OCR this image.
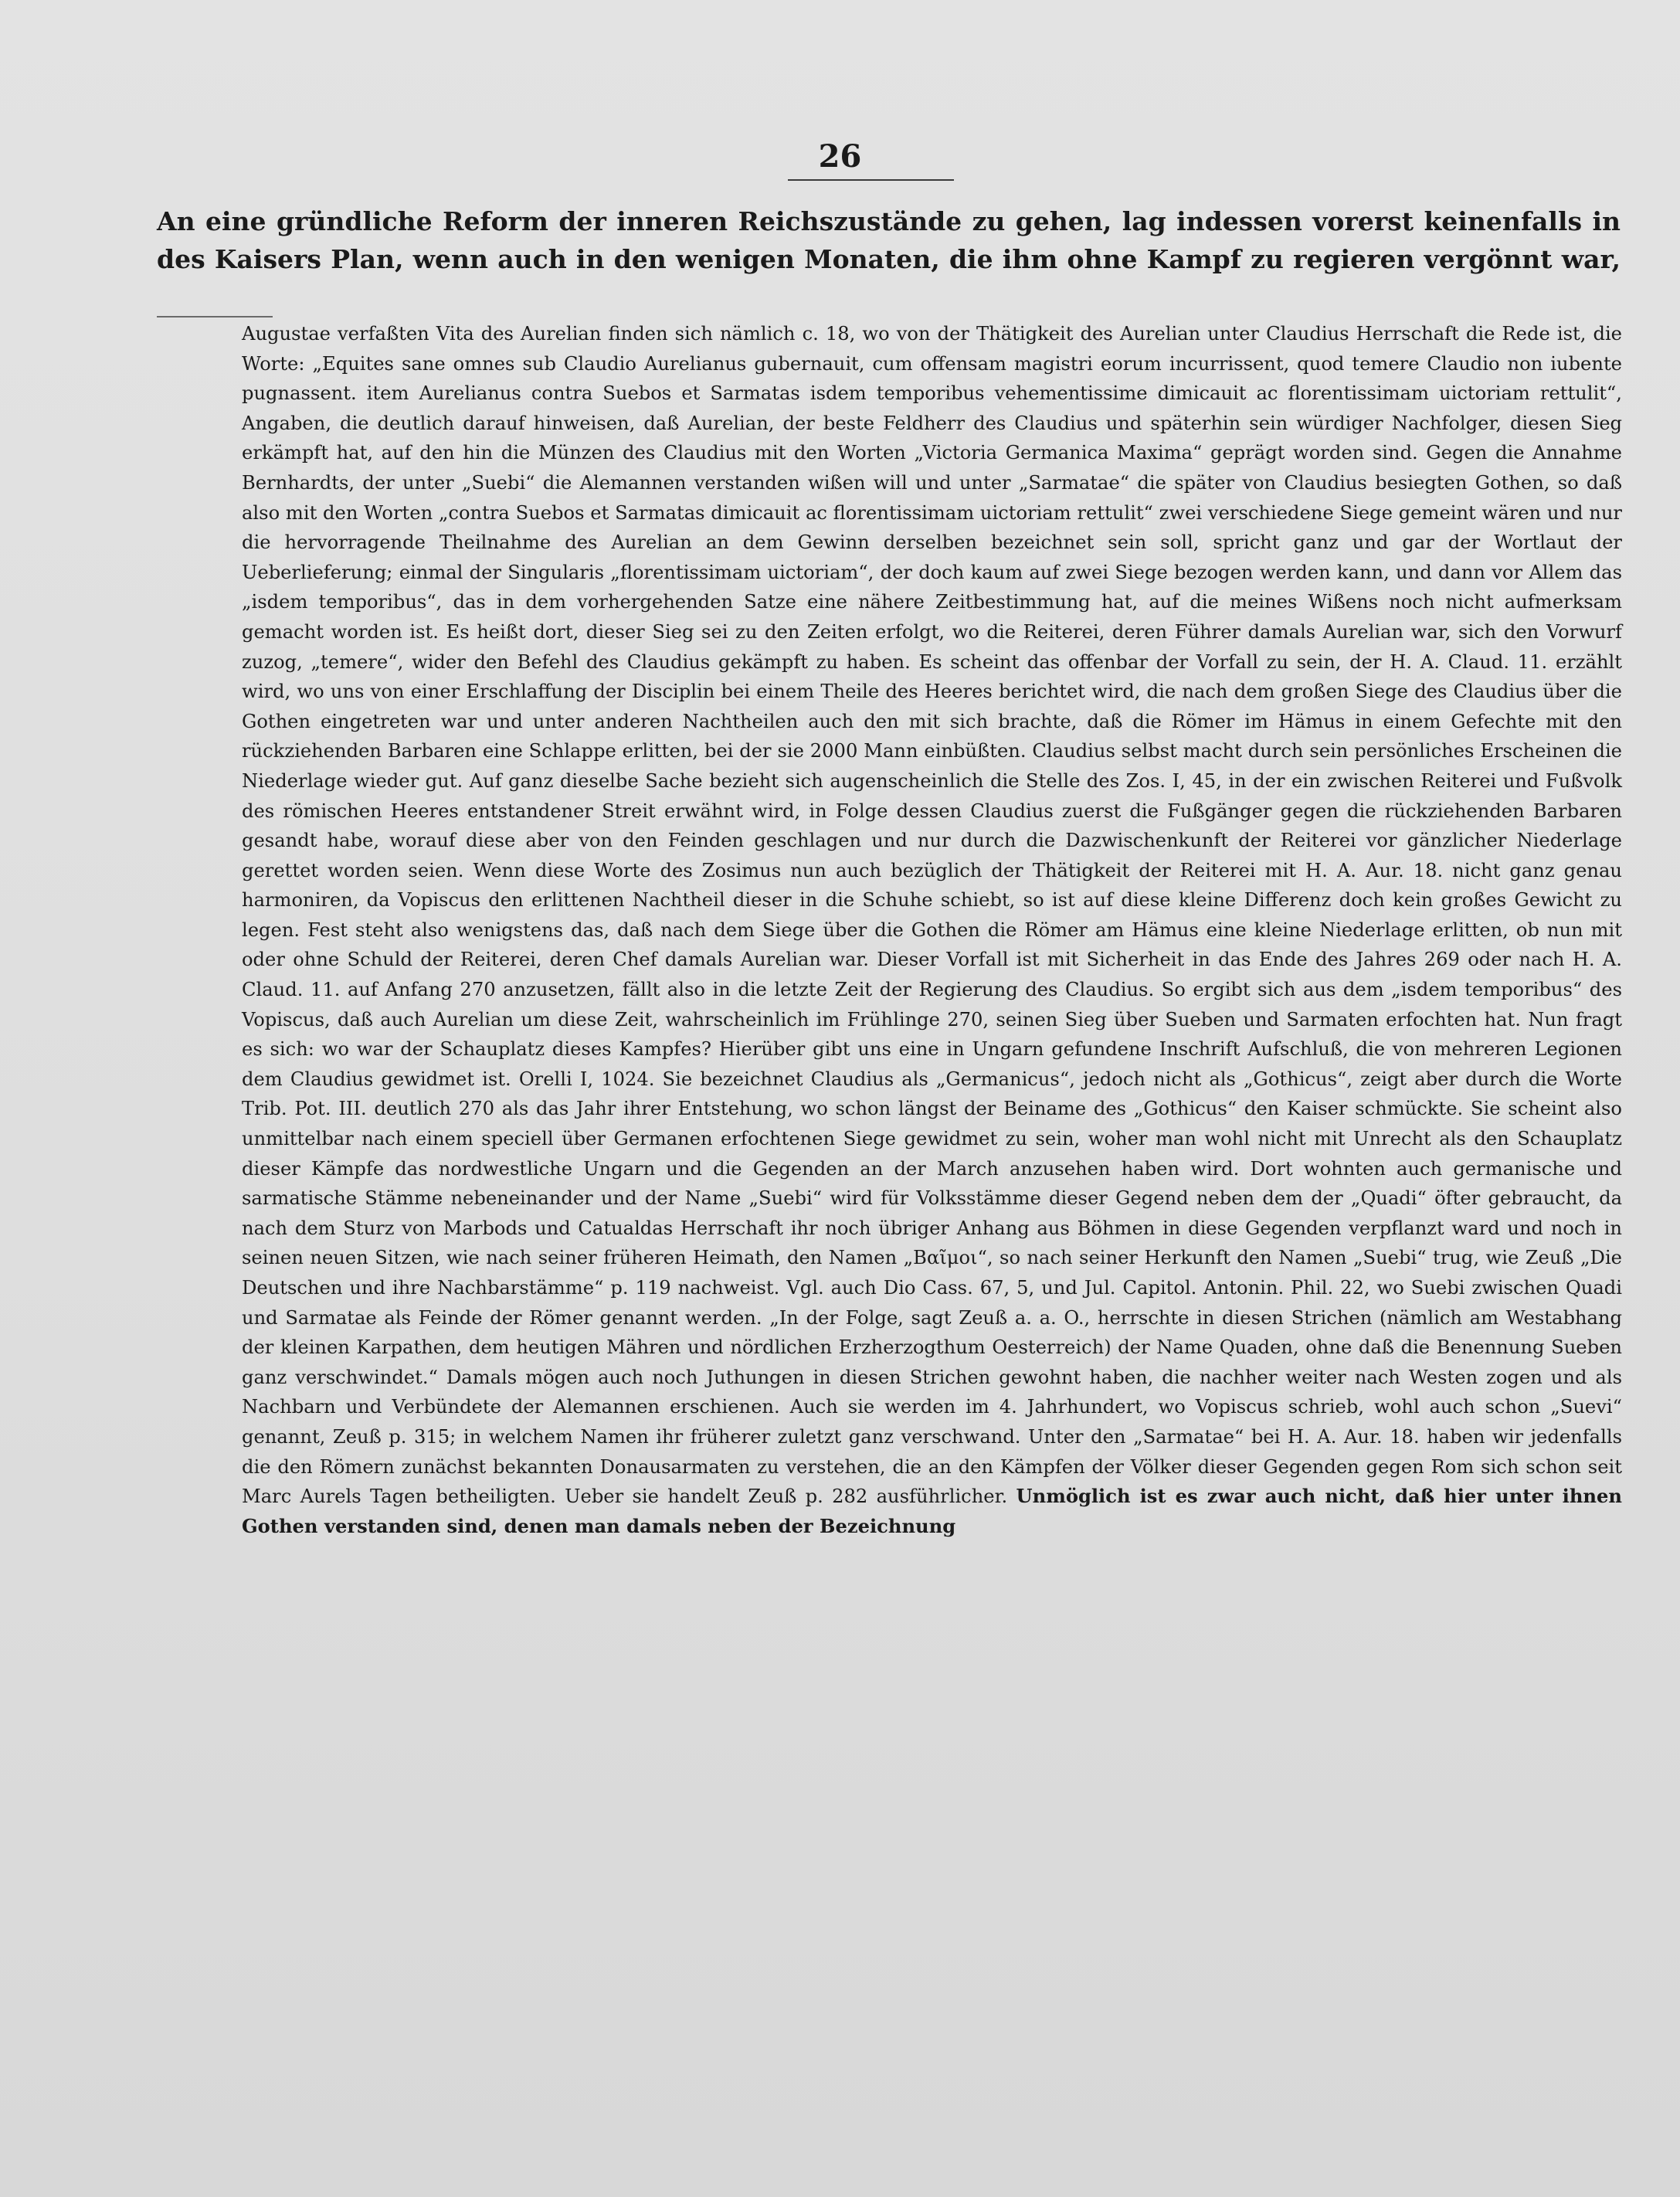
26

An eine gründliche Reform der inneren Reichszustände zu gehen, lag indessen vorerst keinenfalls in des Kaisers Plan, wenn auch in den wenigen Monaten, die ihm ohne Kampf zu regieren vergönnt war,

Augustae verfaßten Vita des Aurelian finden sich nämlich c. 18, wo von der Thätigkeit des Aurelian unter Claudius Herrschaft die Rede ist, die Worte: „Equites sane omnes sub Claudio Aurelianus gubernauit, cum offensam magistri eorum incurrissent, quod temere Claudio non iubente pugnassent. item Aurelianus contra Suebos et Sarmatas isdem temporibus vehementissime dimicauit ac florentissimam uictoriam rettulit“, Angaben, die deutlich darauf hinweisen, daß Aurelian, der beste Feldherr des Claudius und späterhin sein würdiger Nachfolger, diesen Sieg erkämpft hat, auf den hin die Münzen des Claudius mit den Worten „Victoria Germanica Maxima“ geprägt worden sind. Gegen die Annahme Bernhardts, der unter „Suebi“ die Alemannen verstanden wißen will und unter „Sarmatae“ die später von Claudius besiegten Gothen, so daß also mit den Worten „contra Suebos et Sarmatas dimicauit ac florentissimam uictoriam rettulit“ zwei verschiedene Siege gemeint wären und nur die hervorragende Theilnahme des Aurelian an dem Gewinn derselben bezeichnet sein soll, spricht ganz und gar der Wortlaut der Ueberlieferung; einmal der Singularis „florentissimam uictoriam“, der doch kaum auf zwei Siege bezogen werden kann, und dann vor Allem das „isdem temporibus“, das in dem vorhergehenden Satze eine nähere Zeitbestimmung hat, auf die meines Wißens noch nicht aufmerksam gemacht worden ist. Es heißt dort, dieser Sieg sei zu den Zeiten erfolgt, wo die Reiterei, deren Führer damals Aurelian war, sich den Vorwurf zuzog, „temere“, wider den Befehl des Claudius gekämpft zu haben. Es scheint das offenbar der Vorfall zu sein, der H. A. Claud. 11. erzählt wird, wo uns von einer Erschlaffung der Disciplin bei einem Theile des Heeres berichtet wird, die nach dem großen Siege des Claudius über die Gothen eingetreten war und unter anderen Nachtheilen auch den mit sich brachte, daß die Römer im Hämus in einem Gefechte mit den rückziehenden Barbaren eine Schlappe erlitten, bei der sie 2000 Mann einbüßten. Claudius selbst macht durch sein persönliches Erscheinen die Niederlage wieder gut. Auf ganz dieselbe Sache bezieht sich augenscheinlich die Stelle des Zos. I, 45, in der ein zwischen Reiterei und Fußvolk des römischen Heeres entstandener Streit erwähnt wird, in Folge dessen Claudius zuerst die Fußgänger gegen die rückziehenden Barbaren gesandt habe, worauf diese aber von den Feinden geschlagen und nur durch die Dazwischenkunft der Reiterei vor gänzlicher Niederlage gerettet worden seien. Wenn diese Worte des Zosimus nun auch bezüglich der Thätigkeit der Reiterei mit H. A. Aur. 18. nicht ganz genau harmoniren, da Vopiscus den erlittenen Nachtheil dieser in die Schuhe schiebt, so ist auf diese kleine Differenz doch kein großes Gewicht zu legen. Fest steht also wenigstens das, daß nach dem Siege über die Gothen die Römer am Hämus eine kleine Niederlage erlitten, ob nun mit oder ohne Schuld der Reiterei, deren Chef damals Aurelian war. Dieser Vorfall ist mit Sicherheit in das Ende des Jahres 269 oder nach H. A. Claud. 11. auf Anfang 270 anzusetzen, fällt also in die letzte Zeit der Regierung des Claudius. So ergibt sich aus dem „isdem temporibus“ des Vopiscus, daß auch Aurelian um diese Zeit, wahrscheinlich im Frühlinge 270, seinen Sieg über Sueben und Sarmaten erfochten hat. Nun fragt es sich: wo war der Schauplatz dieses Kampfes? Hierüber gibt uns eine in Ungarn gefundene Inschrift Aufschluß, die von mehreren Legionen dem Claudius gewidmet ist. Orelli I, 1024. Sie bezeichnet Claudius als „Germanicus“, jedoch nicht als „Gothicus“, zeigt aber durch die Worte Trib. Pot. III. deutlich 270 als das Jahr ihrer Entstehung, wo schon längst der Beiname des „Gothicus“ den Kaiser schmückte. Sie scheint also unmittelbar nach einem speciell über Germanen erfochtenen Siege gewidmet zu sein, woher man wohl nicht mit Unrecht als den Schauplatz dieser Kämpfe das nordwestliche Ungarn und die Gegenden an der March anzusehen haben wird. Dort wohnten auch germanische und sarmatische Stämme nebeneinander und der Name „Suebi“ wird für Volksstämme dieser Gegend neben dem der „Quadi“ öfter gebraucht, da nach dem Sturz von Marbods und Catualdas Herrschaft ihr noch übriger Anhang aus Böhmen in diese Gegenden verpflanzt ward und noch in seinen neuen Sitzen, wie nach seiner früheren Heimath, den Namen „Βαῖμοι“, so nach seiner Herkunft den Namen „Suebi“ trug, wie Zeuß „Die Deutschen und ihre Nachbarstämme“ p. 119 nachweist. Vgl. auch Dio Cass. 67, 5, und Jul. Capitol. Antonin. Phil. 22, wo Suebi zwischen Quadi und Sarmatae als Feinde der Römer genannt werden. „In der Folge, sagt Zeuß a. a. O., herrschte in diesen Strichen (nämlich am Westabhang der kleinen Karpathen, dem heutigen Mähren und nördlichen Erzherzogthum Oesterreich) der Name Quaden, ohne daß die Benennung Sueben ganz verschwindet.“ Damals mögen auch noch Juthungen in diesen Strichen gewohnt haben, die nachher weiter nach Westen zogen und als Nachbarn und Verbündete der Alemannen erschienen. Auch sie werden im 4. Jahrhundert, wo Vopiscus schrieb, wohl auch schon „Suevi“ genannt, Zeuß p. 315; in welchem Namen ihr früherer zuletzt ganz verschwand. Unter den „Sarmatae“ bei H. A. Aur. 18. haben wir jedenfalls die den Römern zunächst bekannten Donausarmaten zu verstehen, die an den Kämpfen der Völker dieser Gegenden gegen Rom sich schon seit Marc Aurels Tagen betheiligten. Ueber sie handelt Zeuß p. 282 ausführlicher. Unmöglich ist es zwar auch nicht, daß hier unter ihnen Gothen verstanden sind, denen man damals neben der Bezeichnung
